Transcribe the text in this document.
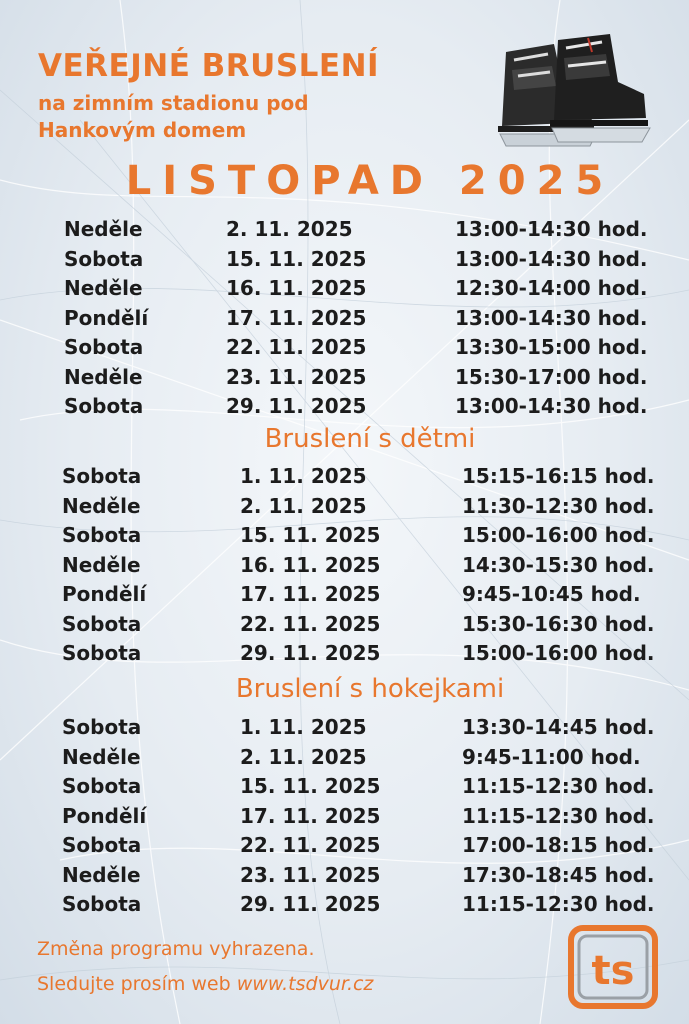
VEŘEJNÉ BRUSLENÍ

na zimním stadionu pod
Hankovým domem

LISTOPAD 2025
Neděle	2. 11. 2025	13:00-14:30 hod.
Sobota	15. 11. 2025	13:00-14:30 hod.
Neděle	16. 11. 2025	12:30-14:00 hod.
Pondělí	17. 11. 2025	13:00-14:30 hod.
Sobota	22. 11. 2025	13:30-15:00 hod.
Neděle	23. 11. 2025	15:30-17:00 hod.
Sobota	29. 11. 2025	13:00-14:30 hod.
Bruslení s dětmi
Sobota	1. 11. 2025	15:15-16:15 hod.
Neděle	2. 11. 2025	11:30-12:30 hod.
Sobota	15. 11. 2025	15:00-16:00 hod.
Neděle	16. 11. 2025	14:30-15:30 hod.
Pondělí	17. 11. 2025	9:45-10:45 hod.
Sobota	22. 11. 2025	15:30-16:30 hod.
Sobota	29. 11. 2025	15:00-16:00 hod.
Bruslení s hokejkami
Sobota	1. 11. 2025	13:30-14:45 hod.
Neděle	2. 11. 2025	9:45-11:00 hod.
Sobota	15. 11. 2025	11:15-12:30 hod.
Pondělí	17. 11. 2025	11:15-12:30 hod.
Sobota	22. 11. 2025	17:00-18:15 hod.
Neděle	23. 11. 2025	17:30-18:45 hod.
Sobota	29. 11. 2025	11:15-12:30 hod.

Změna programu vyhrazena.
Sledujte prosím web www.tsdvur.cz	ts
